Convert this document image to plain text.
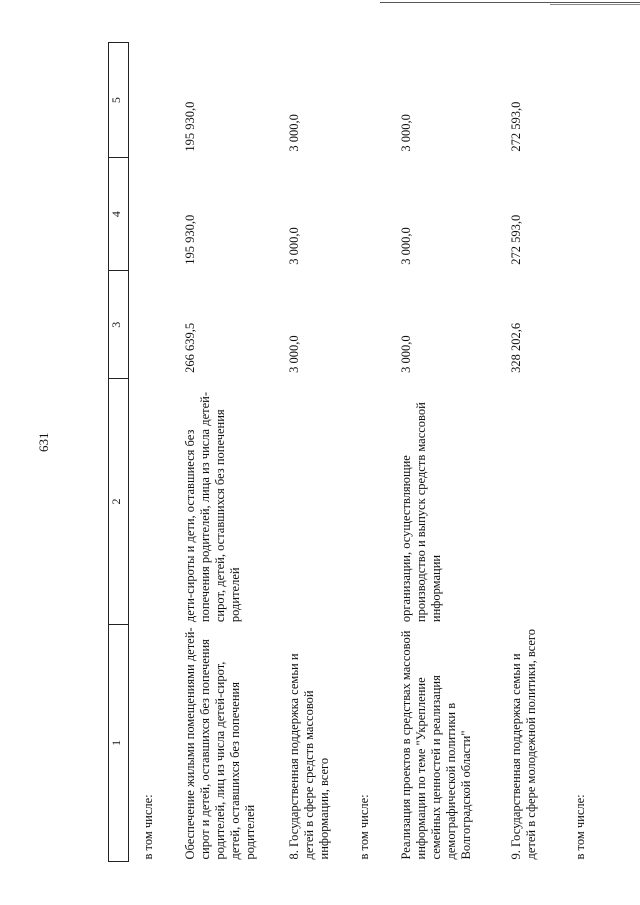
631
1	2	3	4	5
в том числе:				
Обеспечение жилыми помещениями детей-сирот и детей, оставшихся без попечения родителей, лиц из числа детей-сирот, детей, оставшихся без попечения родителей	дети-сироты и дети, оставшиеся без попечения родителей, лица из числа детей-сирот, детей, оставшихся без попечения родителей	266 639,5	195 930,0	195 930,0
8. Государственная поддержка семьи и детей в сфере средств массовой информации, всего		3 000,0	3 000,0	3 000,0
в том числе:				
Реализация проектов в средствах массовой информации по теме "Укрепление семейных ценностей и реализация демографической политики в Волгоградской области"	организации, осуществляющие производство и выпуск средств массовой информации	3 000,0	3 000,0	3 000,0
9. Государственная поддержка семьи и детей в сфере молодежной политики, всего		328 202,6	272 593,0	272 593,0
в том числе:				
